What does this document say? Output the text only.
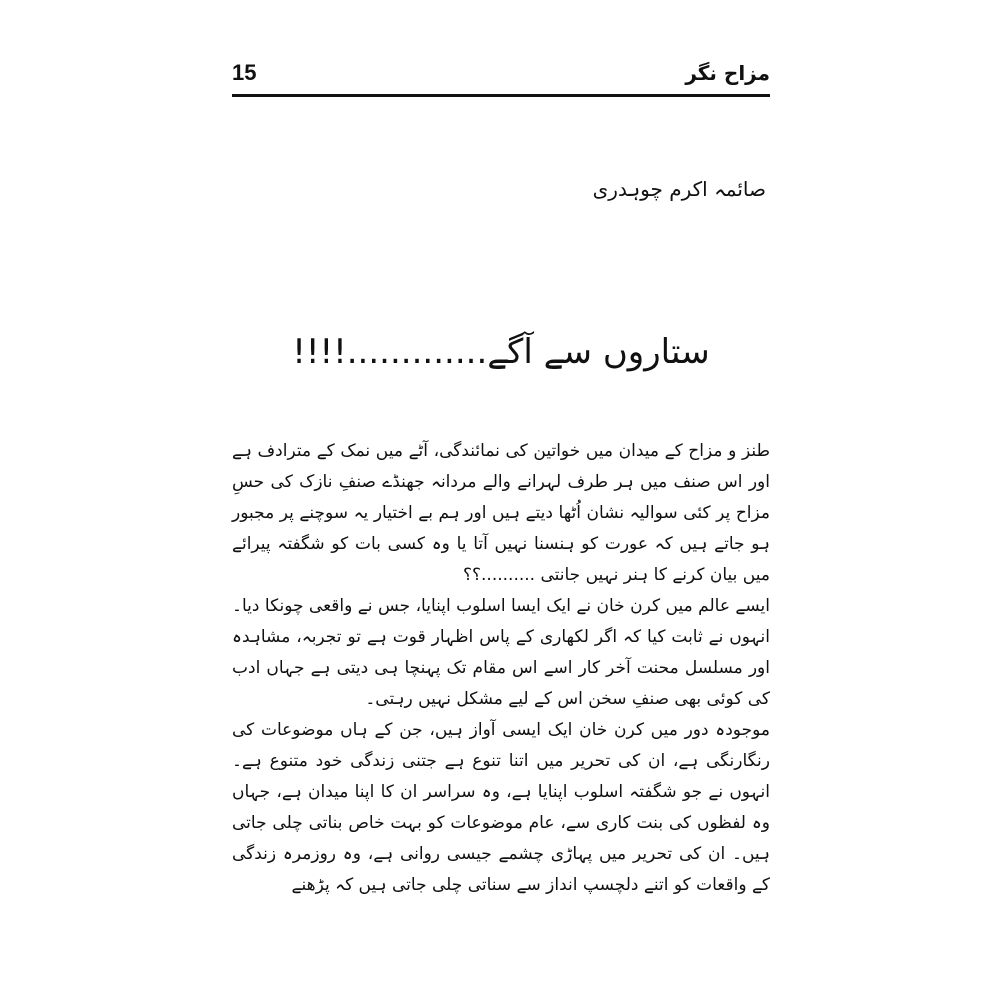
15	مزاح نگر
صائمہ اکرم چوہدری
ستاروں سے آگے.............!!!!

طنز و مزاح کے میدان میں خواتین کی نمائندگی، آٹے میں نمک کے مترادف ہے اور اس صنف میں ہر طرف لہرانے والے مردانہ جھنڈے صنفِ نازک کی حسِ مزاح پر کئی سوالیہ نشان اُٹھا دیتے ہیں اور ہم بے اختیار یہ سوچنے پر مجبور ہو جاتے ہیں کہ عورت کو ہنسنا نہیں آتا یا وہ کسی بات کو شگفتہ پیرائے میں بیان کرنے کا ہنر نہیں جانتی ..........؟؟

ایسے عالم میں کرن خان نے ایک ایسا اسلوب اپنایا، جس نے واقعی چونکا دیا۔ انہوں نے ثابت کیا کہ اگر لکھاری کے پاس اظہار قوت ہے تو تجربہ، مشاہدہ اور مسلسل محنت آخر کار اسے اس مقام تک پہنچا ہی دیتی ہے جہاں ادب کی کوئی بھی صنفِ سخن اس کے لیے مشکل نہیں رہتی۔

موجودہ دور میں کرن خان ایک ایسی آواز ہیں، جن کے ہاں موضوعات کی رنگارنگی ہے، ان کی تحریر میں اتنا تنوع ہے جتنی زندگی خود متنوع ہے۔ انہوں نے جو شگفتہ اسلوب اپنایا ہے، وہ سراسر ان کا اپنا میدان ہے، جہاں وہ لفظوں کی بنت کاری سے، عام موضوعات کو بہت خاص بناتی چلی جاتی ہیں۔ ان کی تحریر میں پہاڑی چشمے جیسی روانی ہے، وہ روزمرہ زندگی کے واقعات کو اتنے دلچسپ انداز سے سناتی چلی جاتی ہیں کہ پڑھنے
